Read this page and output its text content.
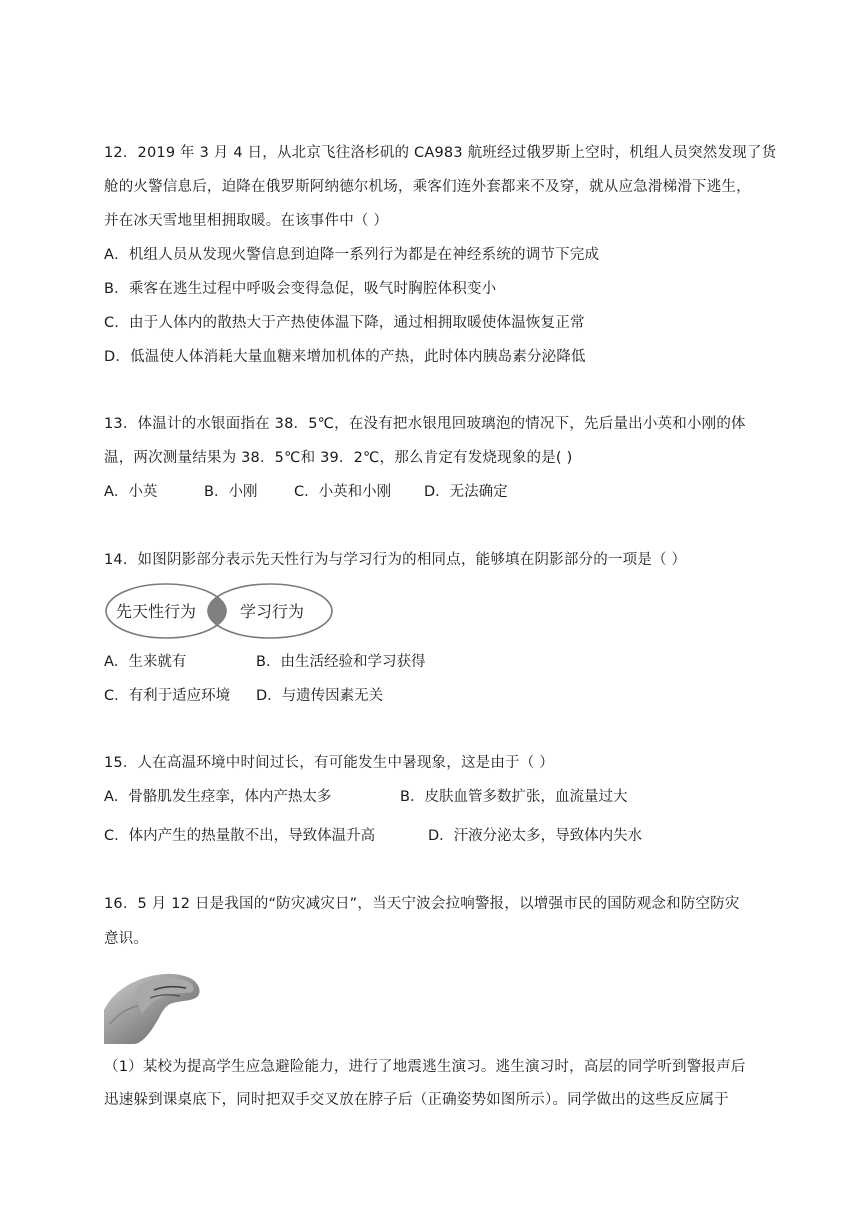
12．2019 年 3 月 4 日，从北京飞往洛杉矶的 CA983 航班经过俄罗斯上空时，机组人员突然发现了货
舱的火警信息后，迫降在俄罗斯阿纳德尔机场，乘客们连外套都来不及穿，就从应急滑梯滑下逃生，
并在冰天雪地里相拥取暖。在该事件中（ ）
A．机组人员从发现火警信息到迫降一系列行为都是在神经系统的调节下完成
B．乘客在逃生过程中呼吸会变得急促，吸气时胸腔体积变小
C．由于人体内的散热大于产热使体温下降，通过相拥取暖使体温恢复正常
D．低温使人体消耗大量血糖来增加机体的产热，此时体内胰岛素分泌降低
13．体温计的水银面指在 38．5℃，在没有把水银甩回玻璃泡的情况下，先后量出小英和小刚的体
温，两次测量结果为 38．5℃和 39．2℃，那么肯定有发烧现象的是( )
A．小英	B．小刚	C．小英和小刚 D．无法确定
14．如图阴影部分表示先天性行为与学习行为的相同点，能够填在阴影部分的一项是（ ）
先天性行为	学习行为
A．生来就有	B．由生活经验和学习获得
C．有利于适应环境 D．与遗传因素无关
15．人在高温环境中时间过长，有可能发生中暑现象，这是由于（ ）
A．骨骼肌发生痉挛，体内产热太多	B．皮肤血管多数扩张，血流量过大
C．体内产生的热量散不出，导致体温升高	D．汗液分泌太多，导致体内失水
16．5 月 12 日是我国的“防灾减灾日”，当天宁波会拉响警报，以增强市民的国防观念和防空防灾
意识。
（1）某校为提高学生应急避险能力，进行了地震逃生演习。逃生演习时，高层的同学听到警报声后
迅速躲到课桌底下，同时把双手交叉放在脖子后（正确姿势如图所示）。同学做出的这些反应属于
